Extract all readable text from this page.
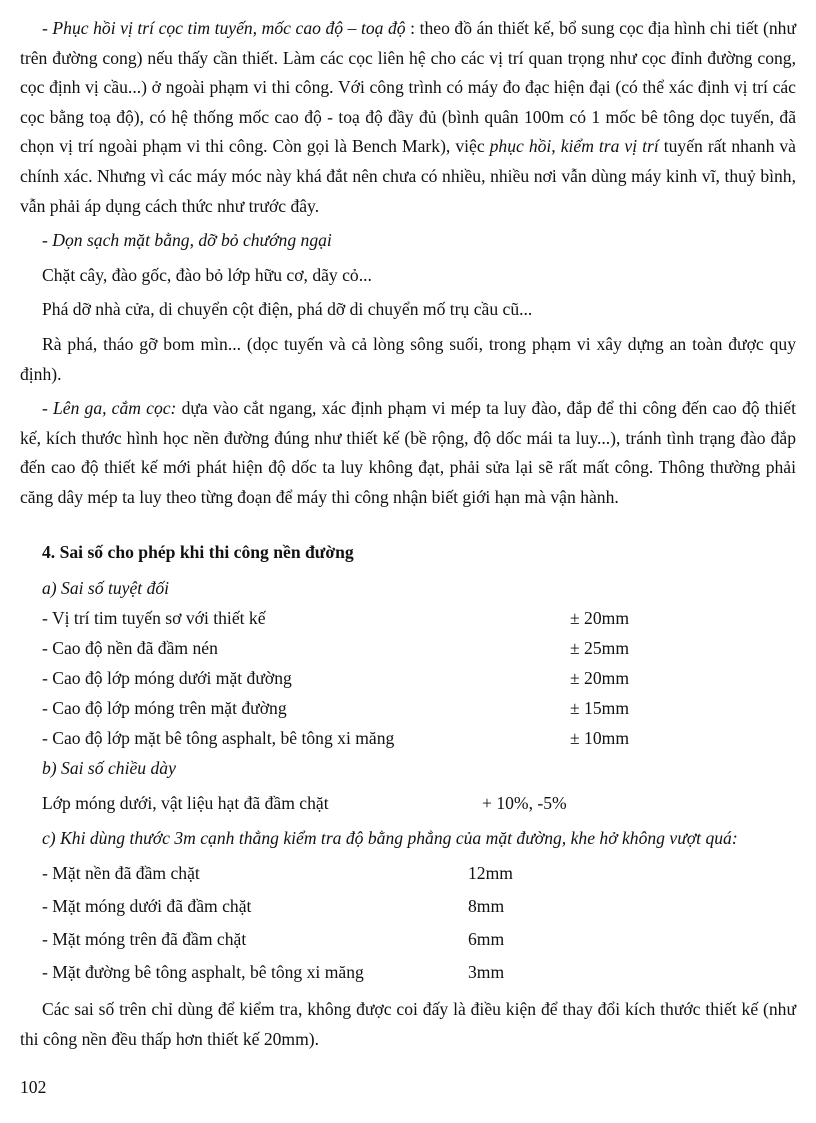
- Phục hồi vị trí cọc tim tuyến, mốc cao độ – toạ độ : theo đồ án thiết kế, bổ sung cọc địa hình chi tiết (như trên đường cong) nếu thấy cần thiết. Làm các cọc liên hệ cho các vị trí quan trọng như cọc đỉnh đường cong, cọc định vị cầu...) ở ngoài phạm vi thi công. Với công trình có máy đo đạc hiện đại (có thể xác định vị trí các cọc bằng toạ độ), có hệ thống mốc cao độ - toạ độ đầy đủ (bình quân 100m có 1 mốc bê tông dọc tuyến, đã chọn vị trí ngoài phạm vi thi công. Còn gọi là Bench Mark), việc phục hồi, kiểm tra vị trí tuyến rất nhanh và chính xác. Nhưng vì các máy móc này khá đắt nên chưa có nhiều, nhiều nơi vẫn dùng máy kinh vĩ, thuỷ bình, vẫn phải áp dụng cách thức như trước đây.

- Dọn sạch mặt bằng, dỡ bỏ chướng ngại

Chặt cây, đào gốc, đào bỏ lớp hữu cơ, dãy cỏ...

Phá dỡ nhà cửa, di chuyển cột điện, phá dỡ di chuyển mố trụ cầu cũ...

Rà phá, tháo gỡ bom mìn... (dọc tuyến và cả lòng sông suối, trong phạm vi xây dựng an toàn được quy định).

- Lên ga, cắm cọc: dựa vào cắt ngang, xác định phạm vi mép ta luy đào, đắp để thi công đến cao độ thiết kế, kích thước hình học nền đường đúng như thiết kế (bề rộng, độ dốc mái ta luy...), tránh tình trạng đào đắp đến cao độ thiết kế mới phát hiện độ dốc ta luy không đạt, phải sửa lại sẽ rất mất công. Thông thường phải căng dây mép ta luy theo từng đoạn để máy thi công nhận biết giới hạn mà vận hành.

4. Sai số cho phép khi thi công nền đường
a) Sai số tuyệt đối
- Vị trí tim tuyến sơ với thiết kế	± 20mm
- Cao độ nền đã đầm nén	± 25mm
- Cao độ lớp móng dưới mặt đường	± 20mm
- Cao độ lớp móng trên mặt đường	± 15mm
- Cao độ lớp mặt bê tông asphalt, bê tông xi măng	± 10mm
b) Sai số chiều dày
Lớp móng dưới, vật liệu hạt đã đầm chặt	+ 10%, -5%

c) Khi dùng thước 3m cạnh thẳng kiểm tra độ bằng phẳng của mặt đường, khe hở không vượt quá:

- Mặt nền đã đầm chặt	12mm
- Mặt móng dưới đã đầm chặt	8mm
- Mặt móng trên đã đầm chặt	6mm
- Mặt đường bê tông asphalt, bê tông xi măng	3mm

Các sai số trên chỉ dùng để kiểm tra, không được coi đấy là điều kiện để thay đổi kích thước thiết kế (như thi công nền đều thấp hơn thiết kế 20mm).

102
